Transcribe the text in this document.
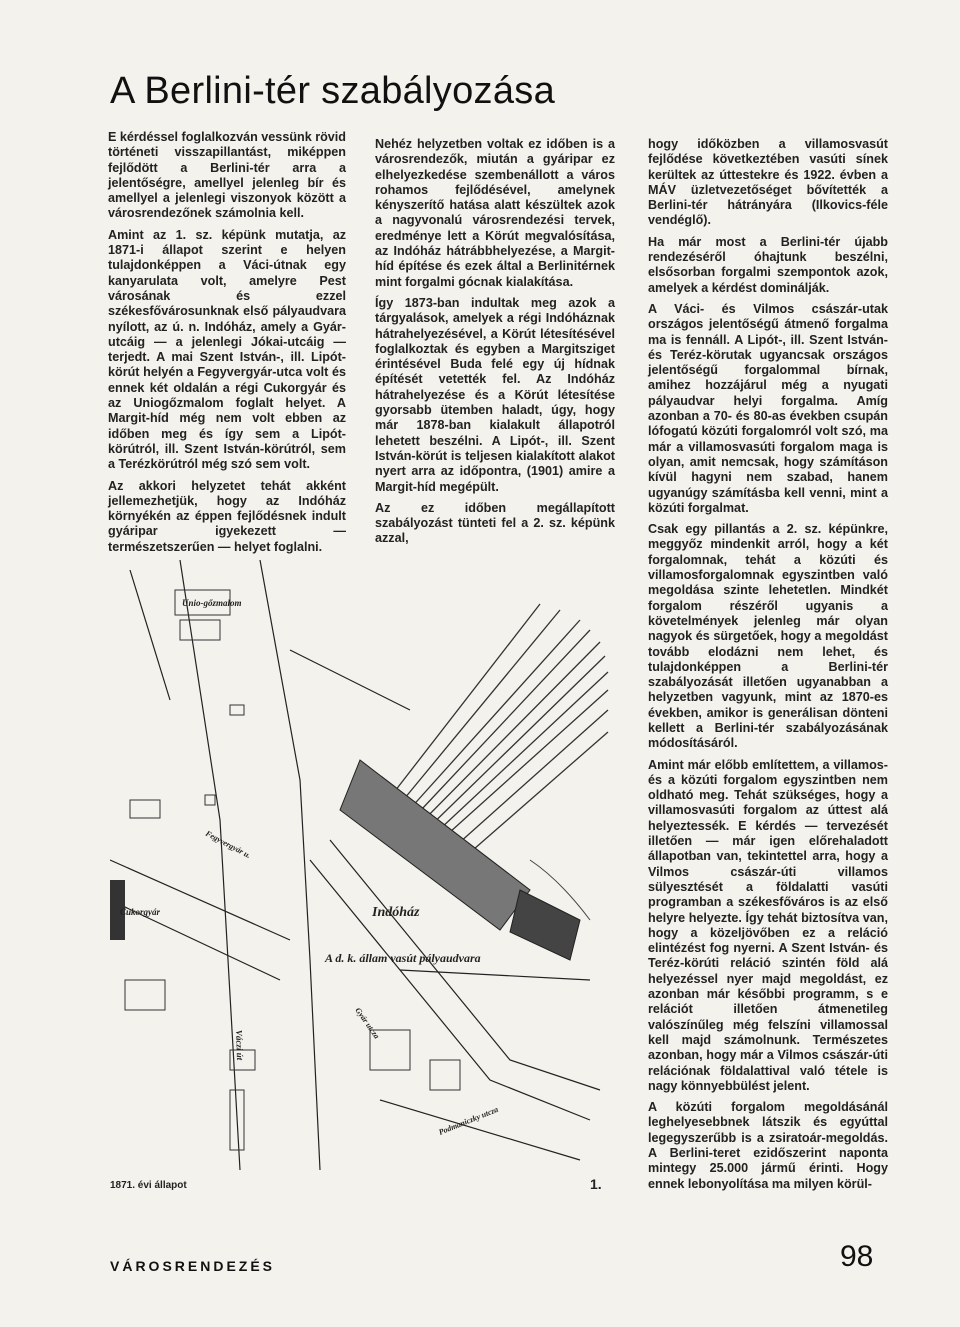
A Berlini-tér szabályozása

E kérdéssel foglalkozván vessünk rövid történeti visszapillantást, miképpen fejlődött a Berlini-tér arra a jelentőségre, amellyel jelenleg bír és amellyel a jelenlegi viszonyok között a városrendezőnek számolnia kell.

Amint az 1. sz. képünk mutatja, az 1871-i állapot szerint e helyen tulajdonképpen a Váci-útnak egy kanyarulata volt, amelyre Pest városának és ezzel székesfővárosunknak első pályaudvara nyílott, az ú. n. Indóház, amely a Gyár-utcáig — a jelenlegi Jókai-utcáig — terjedt. A mai Szent István-, ill. Lipót-körút helyén a Fegyvergyár-utca volt és ennek két oldalán a régi Cukorgyár és az Uniogőzmalom foglalt helyet. A Margit-híd még nem volt ebben az időben meg és így sem a Lipót-körútról, ill. Szent István-körútról, sem a Terézkörútról még szó sem volt.

Az akkori helyzetet tehát akként jellemezhetjük, hogy az Indóház környékén az éppen fejlődésnek indult gyáripar igyekezett — természetszerűen — helyet foglalni.

Nehéz helyzetben voltak ez időben is a városrendezők, miután a gyáripar ez elhelyezkedése szembenállott a város rohamos fejlődésével, amelynek kényszerítő hatása alatt készültek azok a nagyvonalú városrendezési tervek, eredménye lett a Körút megvalósítása, az Indóház hátrábbhelyezése, a Margit-híd építése és ezek által a Berlinitérnek mint forgalmi gócnak kialakítása.

Így 1873-ban indultak meg azok a tárgyalások, amelyek a régi Indóháznak hátrahelyezésével, a Körút létesítésével foglalkoztak és egyben a Margitsziget érintésével Buda felé egy új hídnak építését vetették fel. Az Indóház hátrahelyezése és a Körút létesítése gyorsabb ütemben haladt, úgy, hogy már 1878-ban kialakult állapotról lehetett beszélni. A Lipót-, ill. Szent István-körút is teljesen kialakított alakot nyert arra az időpontra, (1901) amire a Margit-híd megépült.

Az ez időben megállapított szabályozást tünteti fel a 2. sz. képünk azzal,

hogy időközben a villamosvasút fejlődése következtében vasúti sínek kerültek az úttestekre és 1922. évben a MÁV üzletvezetőséget bővítették a Berlini-tér hátrányára (Ilkovics-féle vendéglő).

Ha már most a Berlini-tér újabb rendezéséről óhajtunk beszélni, elsősorban forgalmi szempontok azok, amelyek a kérdést dominálják.

A Váci- és Vilmos császár-utak országos jelentőségű átmenő forgalma ma is fennáll. A Lipót-, ill. Szent István- és Teréz-körutak ugyancsak országos jelentőségű forgalommal bírnak, amihez hozzájárul még a nyugati pályaudvar helyi forgalma. Amíg azonban a 70- és 80-as években csupán lófogatú közúti forgalomról volt szó, ma már a villamosvasúti forgalom maga is olyan, amit nemcsak, hogy számításon kívül hagyni nem szabad, hanem ugyanúgy számításba kell venni, mint a közúti forgalmat.

Csak egy pillantás a 2. sz. képünkre, meggyőz mindenkit arról, hogy a két forgalomnak, tehát a közúti és villamosforgalomnak egyszintben való megoldása szinte lehetetlen. Mindkét forgalom részéről ugyanis a követelmények jelenleg már olyan nagyok és sürgetőek, hogy a megoldást tovább elodázni nem lehet, és tulajdonképpen a Berlini-tér szabályozását illetően ugyanabban a helyzetben vagyunk, mint az 1870-es években, amikor is generálisan dönteni kellett a Berlini-tér szabályozásának módosításáról.

Amint már előbb említettem, a villamos- és a közúti forgalom egyszintben nem oldható meg. Tehát szükséges, hogy a villamosvasúti forgalom az úttest alá helyeztessék. E kérdés — tervezését illetően — már igen előrehaladott állapotban van, tekintettel arra, hogy a Vilmos császár-úti villamos sülyesztését a földalatti vasúti programban a székesfőváros is az első helyre helyezte. Így tehát biztosítva van, hogy a közeljövőben ez a reláció elintézést fog nyerni. A Szent István- és Teréz-körúti reláció szintén föld alá helyezéssel nyer majd megoldást, ez azonban már későbbi programm, s e relációt illetően átmenetileg valószínűleg még felszíni villamossal kell majd számolnunk. Természetes azonban, hogy már a Vilmos császár-úti relációnak földalattival való tétele is nagy könnyebbülést jelent.

A közúti forgalom megoldásánál leghelyesebbnek látszik és egyúttal legegyszerűbb is a zsiratoár-megoldás. A Berlini-teret ezidőszerint naponta mintegy 25.000 jármű érinti. Hogy ennek lebonyolítása ma milyen körül-

Unio-gőzmalom
Cukorgyár	Indóház
A d. k. állam vasút pályaudvara
Váczi út
Fegyvergyár u.
Gyár utcza
Podmaniczky utcza
1871. évi állapot	1.
VÁROSRENDEZÉS	98
